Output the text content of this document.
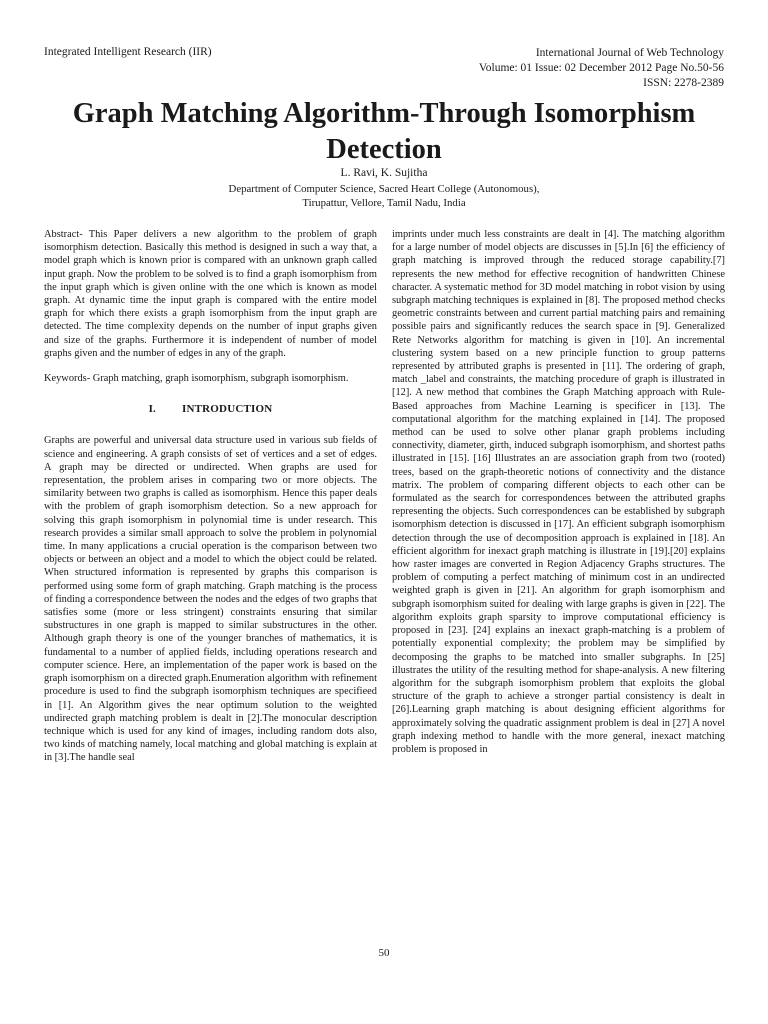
Integrated Intelligent Research (IIR)	International Journal of Web Technology
Volume: 01 Issue: 02 December 2012 Page No.50-56
ISSN: 2278-2389
Graph Matching Algorithm-Through Isomorphism Detection
L. Ravi, K. Sujitha
Department of Computer Science, Sacred Heart College (Autonomous),
Tirupattur, Vellore, Tamil Nadu, India

Abstract- This Paper delivers a new algorithm to the problem of graph isomorphism detection. Basically this method is designed in such a way that, a model graph which is known prior is compared with an unknown graph called input graph. Now the problem to be solved is to find a graph isomorphism from the input graph which is given online with the one which is known as model graph. At dynamic time the input graph is compared with the entire model graph for which there exists a graph isomorphism from the input graph are detected. The time complexity depends on the number of input graphs given and size of the graphs. Furthermore it is independent of number of model graphs given and the number of edges in any of the graph.

Keywords- Graph matching, graph isomorphism, subgraph isomorphism.

I. INTRODUCTION

Graphs are powerful and universal data structure used in various sub fields of science and engineering. A graph consists of set of vertices and a set of edges. A graph may be directed or undirected. When graphs are used for representation, the problem arises in comparing two or more objects. The similarity between two graphs is called as isomorphism. Hence this paper deals with the problem of graph isomorphism detection. So a new approach for solving this graph isomorphism in polynomial time is under research. This research provides a similar small approach to solve the problem in polynomial time. In many applications a crucial operation is the comparison between two objects or between an object and a model to which the object could be related. When structured information is represented by graphs this comparison is performed using some form of graph matching. Graph matching is the process of finding a correspondence between the nodes and the edges of two graphs that satisfies some (more or less stringent) constraints ensuring that similar substructures in one graph is mapped to similar substructures in the other. Although graph theory is one of the younger branches of mathematics, it is fundamental to a number of applied fields, including operations research and computer science. Here, an implementation of the paper work is based on the graph isomorphism on a directed graph.Enumeration algorithm with refinement procedure is used to find the subgraph isomorphism techniques are specifieed in [1]. An Algorithm gives the near optimum solution to the weighted undirected graph matching problem is dealt in [2].The monocular description technique which is used for any kind of images, including random dots also, two kinds of matching namely, local matching and global matching is explain at in [3].The handle seal

imprints under much less constraints are dealt in [4]. The matching algorithm for a large number of model objects are discusses in [5].In [6] the efficiency of graph matching is improved through the reduced storage capability.[7] represents the new method for effective recognition of handwritten Chinese character. A systematic method for 3D model matching in robot vision by using subgraph matching techniques is explained in [8]. The proposed method checks geometric constraints between and current partial matching pairs and remaining possible pairs and significantly reduces the search space in [9]. Generalized Rete Networks algorithm for matching is given in [10]. An incremental clustering system based on a new principle function to group patterns represented by attributed graphs is presented in [11]. The ordering of graph, match _label and constraints, the matching procedure of graph is illustrated in [12]. A new method that combines the Graph Matching approach with Rule-Based approaches from Machine Learning is specificer in [13]. The computational algorithm for the matching explained in [14]. The proposed method can be used to solve other planar graph problems including connectivity, diameter, girth, induced subgraph isomorphism, and shortest paths illustrated in [15]. [16] Illustrates an are association graph from two (rooted) trees, based on the graph-theoretic notions of connectivity and the distance matrix. The problem of comparing different objects to each other can be formulated as the search for correspondences between the attributed graphs representing the objects. Such correspondences can be established by subgraph isomorphism detection is discussed in [17]. An efficient subgraph isomorphism detection through the use of decomposition approach is explained in [18]. An efficient algorithm for inexact graph matching is illustrate in [19].[20] explains how raster images are converted in Region Adjacency Graphs structures. The problem of computing a perfect matching of minimum cost in an undirected weighted graph is given in [21]. An algorithm for graph isomorphism and subgraph isomorphism suited for dealing with large graphs is given in [22]. The algorithm exploits graph sparsity to improve computational efficiency is proposed in [23]. [24] explains an inexact graph-matching is a problem of potentially exponential complexity; the problem may be simplified by decomposing the graphs to be matched into smaller subgraphs. In [25] illustrates the utility of the resulting method for shape-analysis. A new filtering algorithm for the subgraph isomorphism problem that exploits the global structure of the graph to achieve a stronger partial consistency is dealt in [26].Learning graph matching is about designing efficient algorithms for approximately solving the quadratic assignment problem is deal in [27] A novel graph indexing method to handle with the more general, inexact matching problem is proposed in

50
